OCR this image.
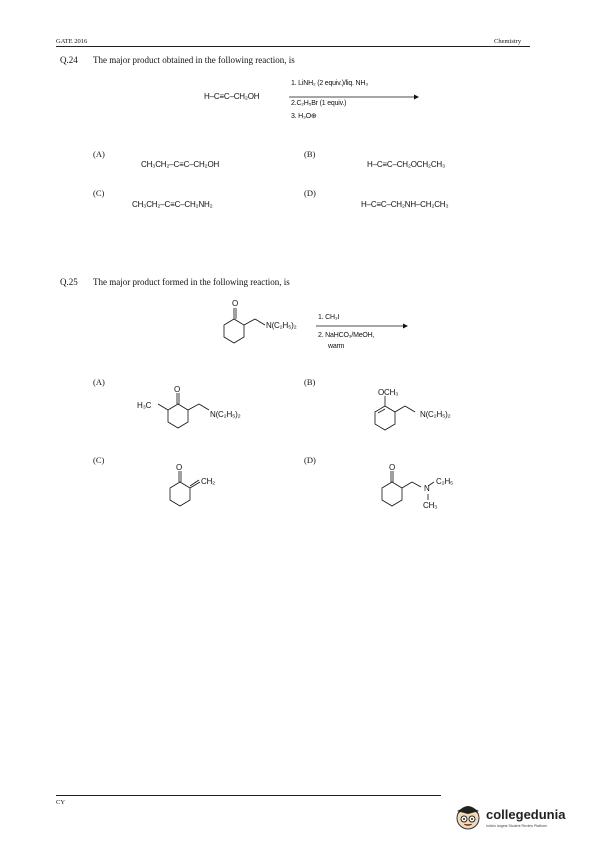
GATE 2016	Chemistry
Q.24 The major product obtained in the following reaction, is
H–C≡C–CH₂OH
1. LiNH₂ (2 equiv.)/liq. NH₃
2.C₂H₅Br (1 equiv.)
3. H₃O⊕
(A)
CH₃CH₂–C≡C–CH₂OH
(B)
H–C≡C–CH₂OCH₂CH₃
(C)
CH₃CH₂–C≡C–CH₂NH₂
(D)
H–C≡C–CH₂NH–CH₂CH₃
Q.25 The major product formed in the following reaction, is
O
N(C₂H₅)₂
1. CH₃I
2. NaHCO₃/MeOH,
warm
(A)
O
H₃C
N(C₂H₅)₂
(B)
OCH₃
N(C₂H₅)₂
(C)
O
CH₂
(D)
O
N
C₂H₅
CH₃
CY
collegedunia
India's largest Student Review Platform
